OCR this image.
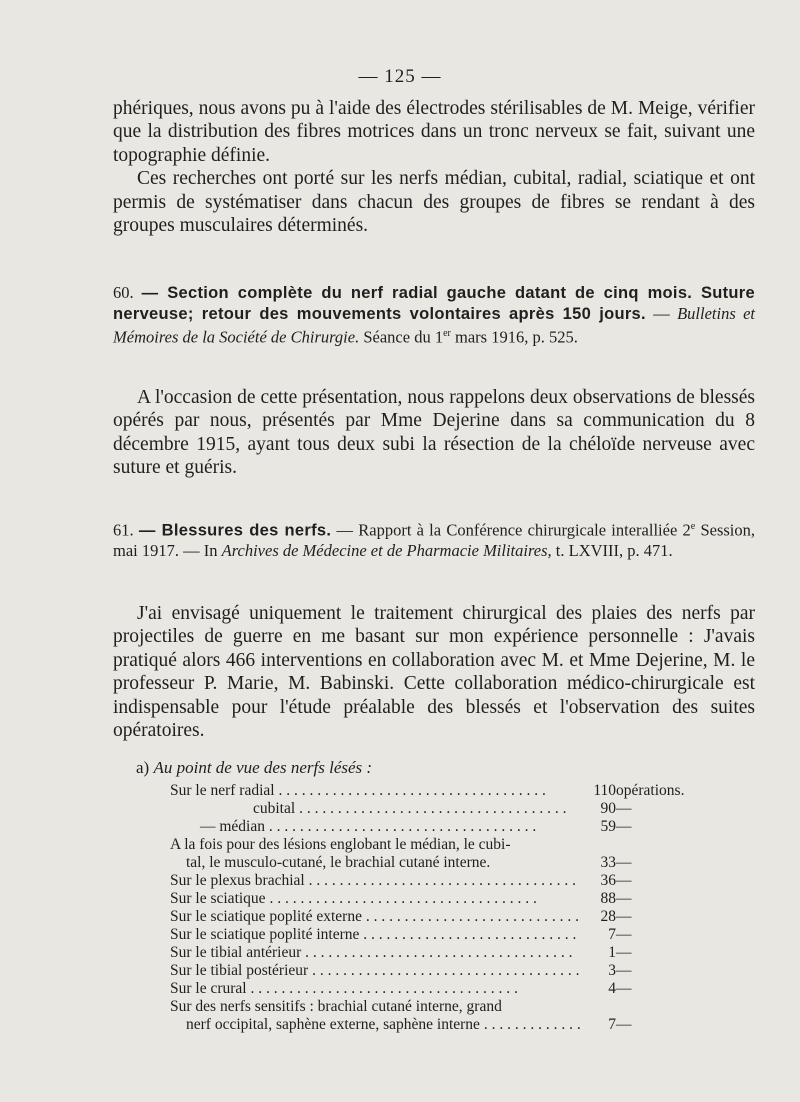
— 125 —

phériques, nous avons pu à l'aide des électrodes stérilisables de M. Meige, vérifier que la distribution des fibres motrices dans un tronc nerveux se fait, suivant une topographie définie.

Ces recherches ont porté sur les nerfs médian, cubital, radial, sciatique et ont permis de systématiser dans chacun des groupes de fibres se rendant à des groupes musculaires déterminés.

60. — Section complète du nerf radial gauche datant de cinq mois. Suture nerveuse; retour des mouvements volontaires après 150 jours. — Bulletins et Mémoires de la Société de Chirurgie. Séance du 1er mars 1916, p. 525.

A l'occasion de cette présentation, nous rappelons deux observations de blessés opérés par nous, présentés par Mme Dejerine dans sa communication du 8 décembre 1915, ayant tous deux subi la résection de la chéloïde nerveuse avec suture et guéris.

61. — Blessures des nerfs. — Rapport à la Conférence chirurgicale interalliée 2e Session, mai 1917. — In Archives de Médecine et de Pharmacie Militaires, t. LXVIII, p. 471.

J'ai envisagé uniquement le traitement chirurgical des plaies des nerfs par projectiles de guerre en me basant sur mon expérience personnelle : J'avais pratiqué alors 466 interventions en collaboration avec M. et Mme Dejerine, M. le professeur P. Marie, M. Babinski. Cette collaboration médico-chirurgicale est indispensable pour l'étude préalable des blessés et l'observation des suites opératoires.

a) Au point de vue des nerfs lésés :
Sur le nerf radial . . .	110	opérations.

cubital . . .	90	—

— médian . . .	59	—

A la fois pour des lésions englobant le médian, le cubi-		

tal, le musculo-cutané, le brachial cutané interne.	33	—

Sur le plexus brachial . . .	36	—

Sur le sciatique . . .	88	—

Sur le sciatique poplité externe . . .	28	—

Sur le sciatique poplité interne . . .	7	—

Sur le tibial antérieur . . .	1	—

Sur le tibial postérieur . . .	3	—

Sur le crural . . .	4	—

Sur des nerfs sensitifs : brachial cutané interne, grand		

nerf occipital, saphène externe, saphène interne . . .	7	—
